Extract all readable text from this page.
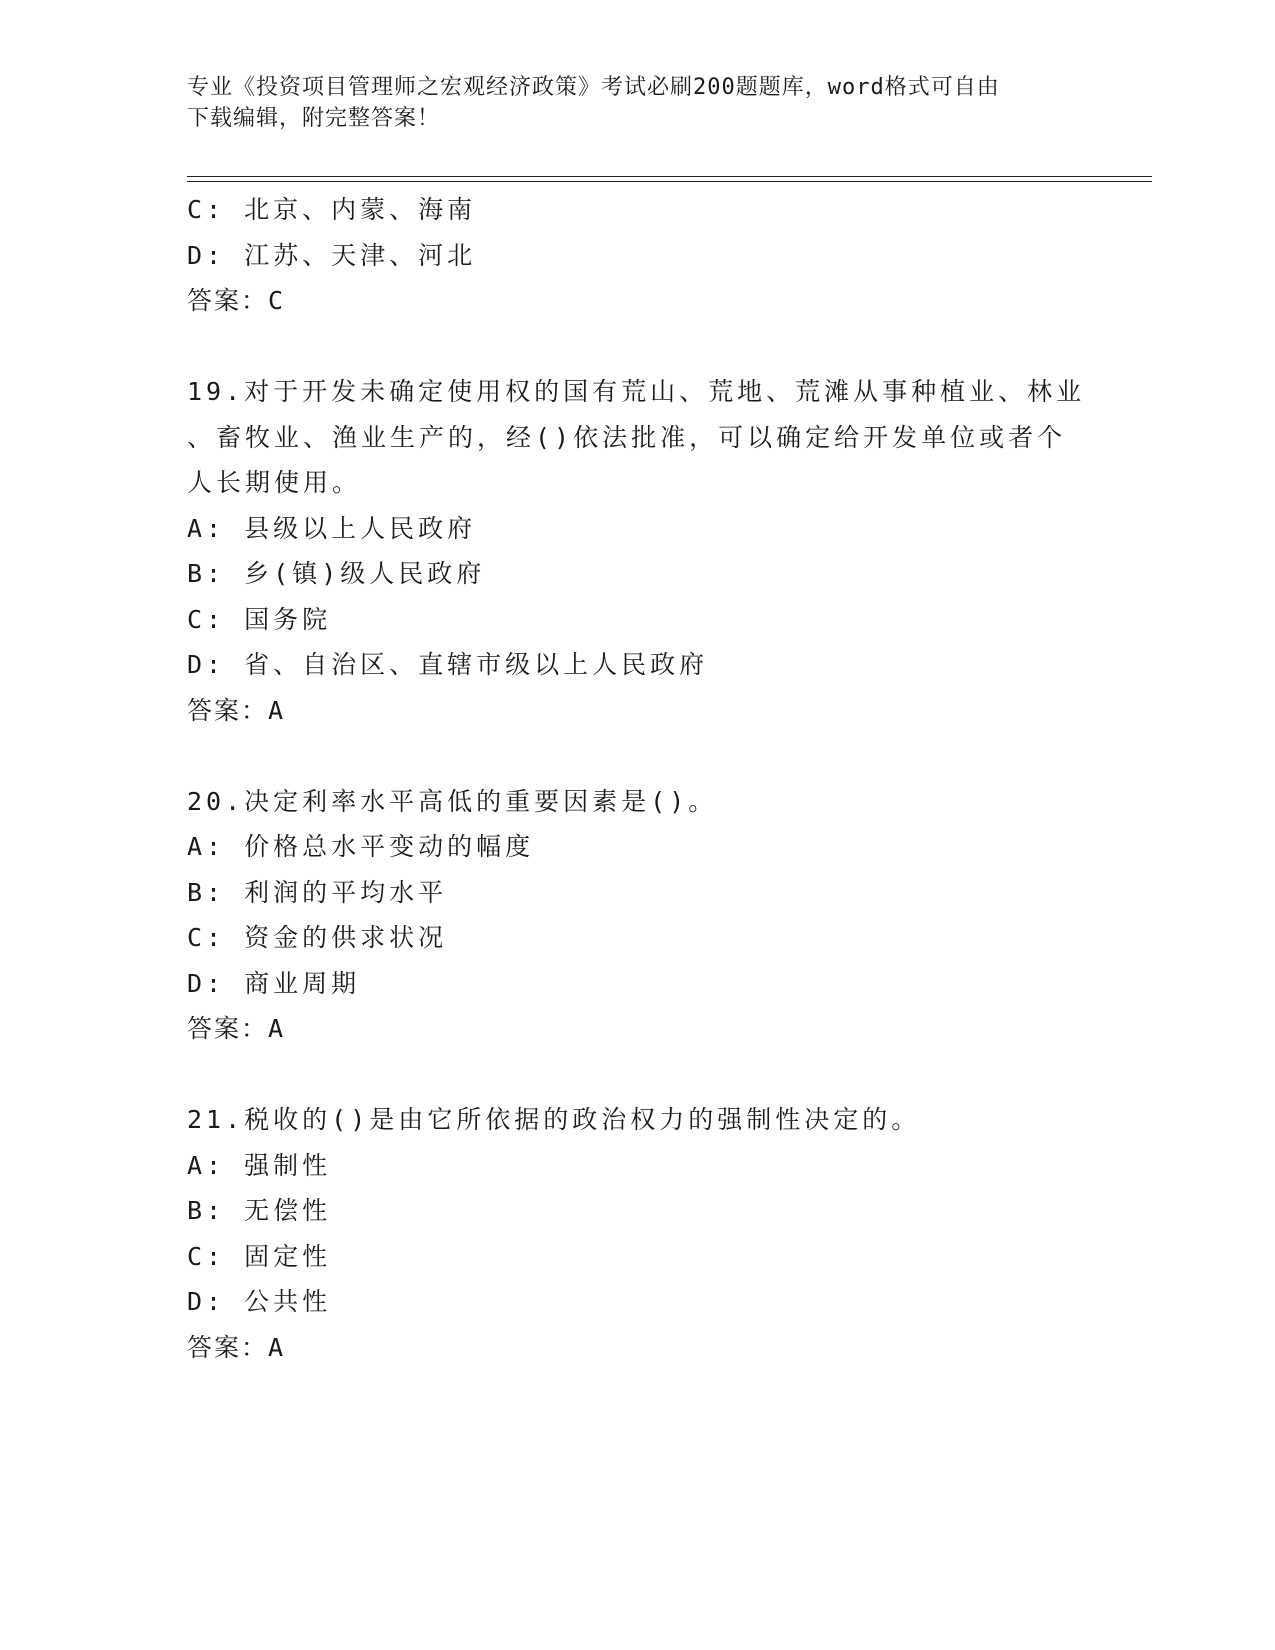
专业《投资项目管理师之宏观经济政策》考试必刷200题题库，word格式可自由
下载编辑，附完整答案！
C: 北京、内蒙、海南
D: 江苏、天津、河北
答案：C
19.对于开发未确定使用权的国有荒山、荒地、荒滩从事种植业、林业
、畜牧业、渔业生产的，经()依法批准，可以确定给开发单位或者个
人长期使用。
A: 县级以上人民政府
B: 乡(镇)级人民政府
C: 国务院
D: 省、自治区、直辖市级以上人民政府
答案：A
20.决定利率水平高低的重要因素是()。
A: 价格总水平变动的幅度
B: 利润的平均水平
C: 资金的供求状况
D: 商业周期
答案：A
21.税收的()是由它所依据的政治权力的强制性决定的。
A: 强制性
B: 无偿性
C: 固定性
D: 公共性
答案：A
